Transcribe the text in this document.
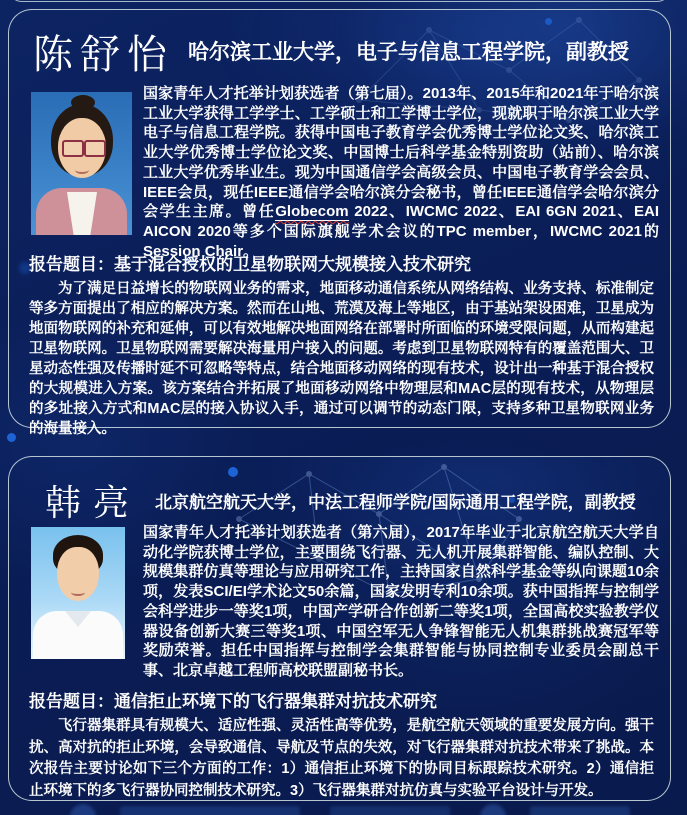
陈舒怡 哈尔滨工业大学，电子与信息工程学院，副教授

国家青年人才托举计划获选者（第七届）。2013年、2015年和2021年于哈尔滨工业大学获得工学学士、工学硕士和工学博士学位，现就职于哈尔滨工业大学电子与信息工程学院。获得中国电子教育学会优秀博士学位论文奖、哈尔滨工业大学优秀博士学位论文奖、中国博士后科学基金特别资助（站前）、哈尔滨工业大学优秀毕业生。现为中国通信学会高级会员、中国电子教育学会会员、IEEE会员，现任IEEE通信学会哈尔滨分会秘书，曾任IEEE通信学会哈尔滨分会学生主席。曾任Globecom 2022、IWCMC 2022、EAI 6GN 2021、EAI AICON 2020等多个国际旗舰学术会议的TPC member，IWCMC 2021的Session Chair。

报告题目：基于混合授权的卫星物联网大规模接入技术研究

为了满足日益增长的物联网业务的需求，地面移动通信系统从网络结构、业务支持、标准制定等多方面提出了相应的解决方案。然而在山地、荒漠及海上等地区，由于基站架设困难，卫星成为地面物联网的补充和延伸，可以有效地解决地面网络在部署时所面临的环境受限问题，从而构建起卫星物联网。卫星物联网需要解决海量用户接入的问题。考虑到卫星物联网特有的覆盖范围大、卫星动态性强及传播时延不可忽略等特点，结合地面移动网络的现有技术，设计出一种基于混合授权的大规模进入方案。该方案结合并拓展了地面移动网络中物理层和MAC层的现有技术，从物理层的多址接入方式和MAC层的接入协议入手，通过可以调节的动态门限，支持多种卫星物联网业务的海量接入。

韩亮 北京航空航天大学，中法工程师学院/国际通用工程学院，副教授

国家青年人才托举计划获选者（第六届），2017年毕业于北京航空航天大学自动化学院获博士学位，主要围绕飞行器、无人机开展集群智能、编队控制、大规模集群仿真等理论与应用研究工作，主持国家自然科学基金等纵向课题10余项，发表SCI/EI学术论文50余篇，国家发明专利10余项。获中国指挥与控制学会科学进步一等奖1项，中国产学研合作创新二等奖1项，全国高校实验教学仪器设备创新大赛三等奖1项、中国空军无人争锋智能无人机集群挑战赛冠军等奖励荣誉。担任中国指挥与控制学会集群智能与协同控制专业委员会副总干事、北京卓越工程师高校联盟副秘书长。

报告题目：通信拒止环境下的飞行器集群对抗技术研究

飞行器集群具有规模大、适应性强、灵活性高等优势，是航空航天领域的重要发展方向。强干扰、高对抗的拒止环境，会导致通信、导航及节点的失效，对飞行器集群对抗技术带来了挑战。本次报告主要讨论如下三个方面的工作：1）通信拒止环境下的协同目标跟踪技术研究。2）通信拒止环境下的多飞行器协同控制技术研究。3）飞行器集群对抗仿真与实验平台设计与开发。
